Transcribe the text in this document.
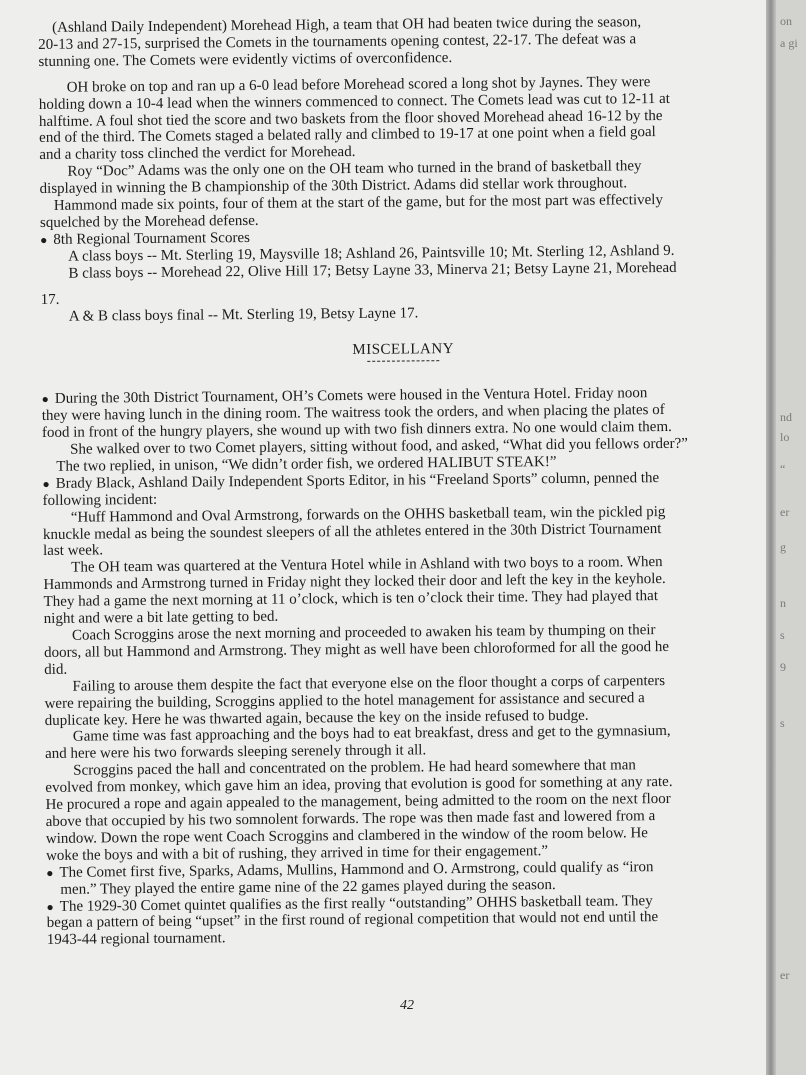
(Ashland Daily Independent) Morehead High, a team that OH had beaten twice during the season,
20-13 and 27-15, surprised the Comets in the tournaments opening contest, 22-17. The defeat was a
stunning one. The Comets were evidently victims of overconfidence.
OH broke on top and ran up a 6-0 lead before Morehead scored a long shot by Jaynes. They were
holding down a 10-4 lead when the winners commenced to connect. The Comets lead was cut to 12-11 at
halftime. A foul shot tied the score and two baskets from the floor shoved Morehead ahead 16-12 by the
end of the third. The Comets staged a belated rally and climbed to 19-17 at one point when a field goal
and a charity toss clinched the verdict for Morehead.
Roy “Doc” Adams was the only one on the OH team who turned in the brand of basketball they
displayed in winning the B championship of the 30th District. Adams did stellar work throughout.
Hammond made six points, four of them at the start of the game, but for the most part was effectively
squelched by the Morehead defense.
● 8th Regional Tournament Scores
A class boys -- Mt. Sterling 19, Maysville 18; Ashland 26, Paintsville 10; Mt. Sterling 12, Ashland 9.
B class boys -- Morehead 22, Olive Hill 17; Betsy Layne 33, Minerva 21; Betsy Layne 21, Morehead
17.
A & B class boys final -- Mt. Sterling 19, Betsy Layne 17.
MISCELLANY
● During the 30th District Tournament, OH’s Comets were housed in the Ventura Hotel. Friday noon
they were having lunch in the dining room. The waitress took the orders, and when placing the plates of
food in front of the hungry players, she wound up with two fish dinners extra. No one would claim them.
She walked over to two Comet players, sitting without food, and asked, “What did you fellows order?”
The two replied, in unison, “We didn’t order fish, we ordered HALIBUT STEAK!”
● Brady Black, Ashland Daily Independent Sports Editor, in his “Freeland Sports” column, penned the
following incident:
“Huff Hammond and Oval Armstrong, forwards on the OHHS basketball team, win the pickled pig
knuckle medal as being the soundest sleepers of all the athletes entered in the 30th District Tournament
last week.
The OH team was quartered at the Ventura Hotel while in Ashland with two boys to a room. When
Hammonds and Armstrong turned in Friday night they locked their door and left the key in the keyhole.
They had a game the next morning at 11 o’clock, which is ten o’clock their time. They had played that
night and were a bit late getting to bed.
Coach Scroggins arose the next morning and proceeded to awaken his team by thumping on their
doors, all but Hammond and Armstrong. They might as well have been chloroformed for all the good he
did.
Failing to arouse them despite the fact that everyone else on the floor thought a corps of carpenters
were repairing the building, Scroggins applied to the hotel management for assistance and secured a
duplicate key. Here he was thwarted again, because the key on the inside refused to budge.
Game time was fast approaching and the boys had to eat breakfast, dress and get to the gymnasium,
and here were his two forwards sleeping serenely through it all.
Scroggins paced the hall and concentrated on the problem. He had heard somewhere that man
evolved from monkey, which gave him an idea, proving that evolution is good for something at any rate.
He procured a rope and again appealed to the management, being admitted to the room on the next floor
above that occupied by his two somnolent forwards. The rope was then made fast and lowered from a
window. Down the rope went Coach Scroggins and clambered in the window of the room below. He
woke the boys and with a bit of rushing, they arrived in time for their engagement.”
● The Comet first five, Sparks, Adams, Mullins, Hammond and O. Armstrong, could qualify as “iron
men.” They played the entire game nine of the 22 games played during the season.
● The 1929-30 Comet quintet qualifies as the first really “outstanding” OHHS basketball team. They
began a pattern of being “upset” in the first round of regional competition that would not end until the
1943-44 regional tournament.
42
on
a gi
nd
lo
“
er
g
n
s
9
s
er
